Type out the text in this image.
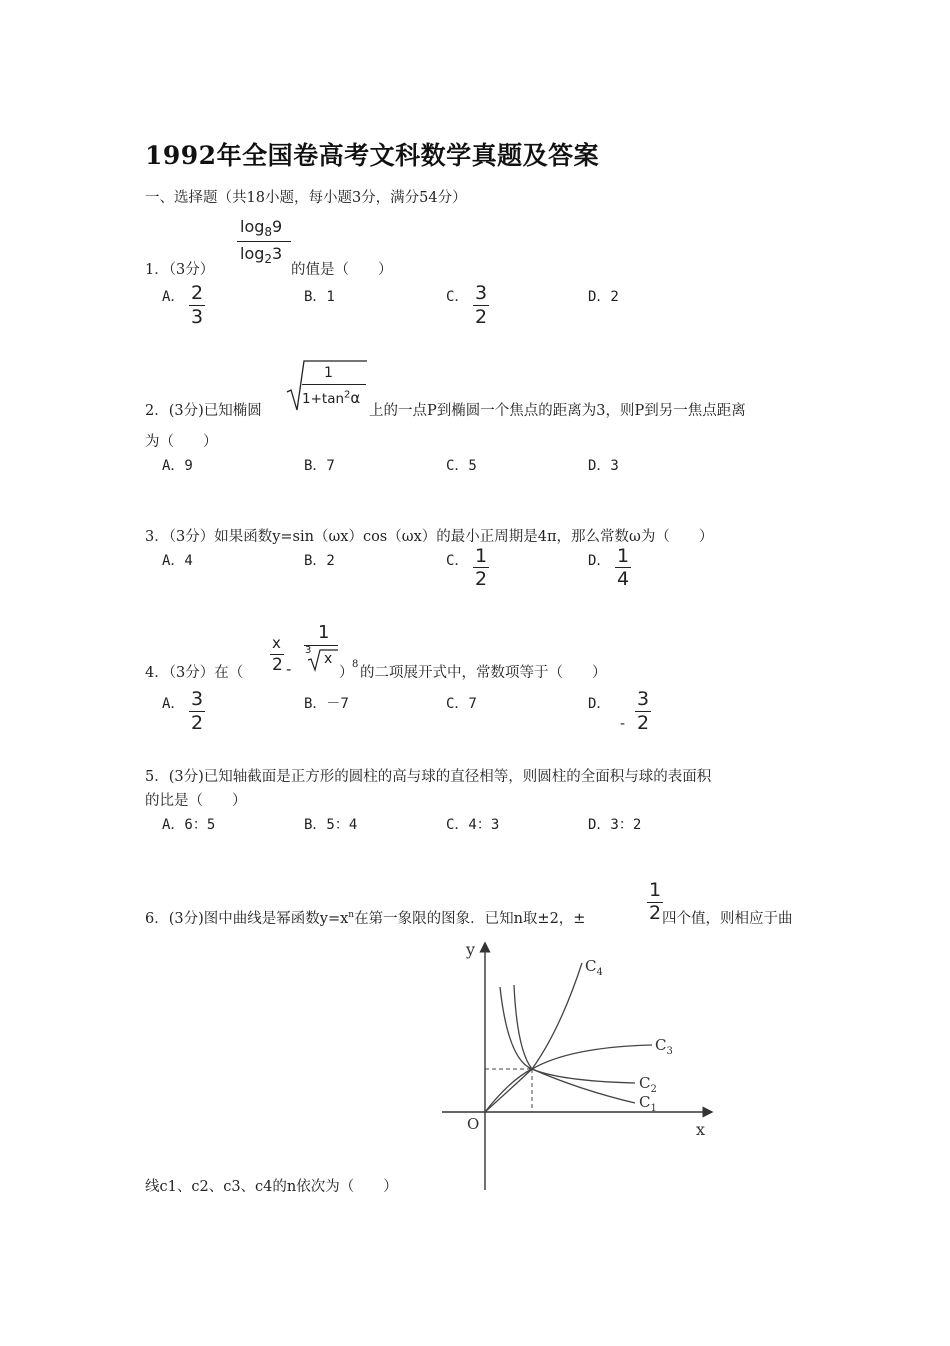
1992年全国卷高考文科数学真题及答案
一、选择题（共18小题，每小题3分，满分54分）
$\log_89$
$\log_23$
1．（3分）	的值是（　　）
A． 2
3
B．1	C． 3
2
D．2
2．(3分)已知椭圆
1
$1+\tan^2\alpha$
上的一点P到椭圆一个焦点的距离为3，则P到另一焦点距离
为（　　）
A．9	B．7	C．5	D．3
3．（3分）如果函数y=sin（ωx）cos（ωx）的最小正周期是4π，那么常数ω为（　　）
A．4	B．2	C． 1
2
D． 1
4
4．（3分）在（
x
2 -
1
3
x
）
8
的二项展开式中，常数项等于（　　）
A． 3
2
B．－7	C．7	D．
-
3
2
5．(3分)已知轴截面是正方形的圆柱的高与球的直径相等，则圆柱的全面积与球的表面积
的比是（　　）
A．6：5	B．5：4	C．4：3	D．3：2
6．(3分)图中曲线是幂函数$y=x^n$在第一象限的图象．已知n取±2，±
1
2 四个值，则相应于曲
线c1、c2、c3、c4的n依次为（　　）
y
x
O
$C_4$
$C_3$
$C_2$
$C_1$
